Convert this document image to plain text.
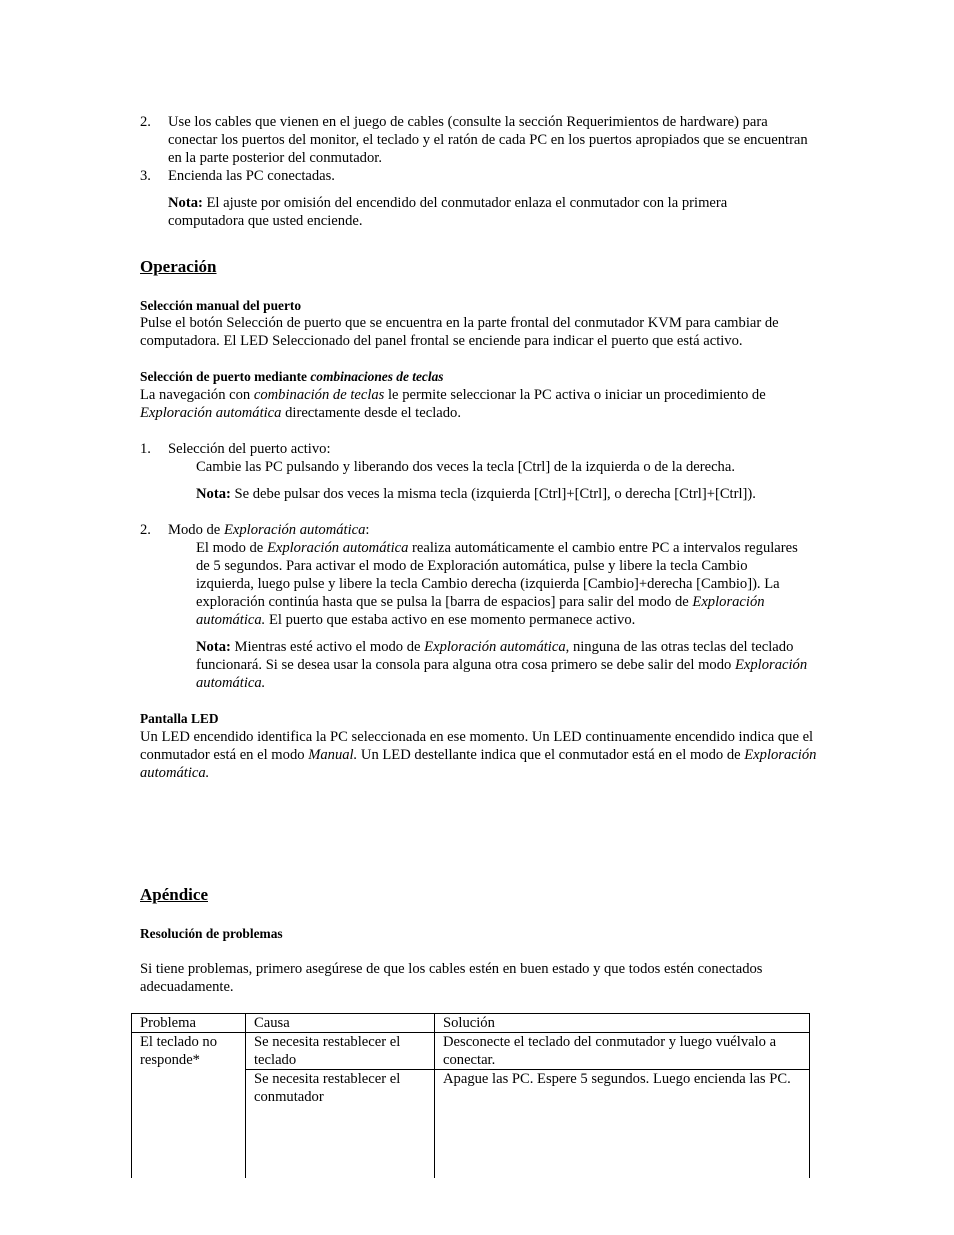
2. Use los cables que vienen en el juego de cables (consulte la sección Requerimientos de hardware) para conectar los puertos del monitor, el teclado y el ratón de cada PC en los puertos apropiados que se encuentran en la parte posterior del conmutador.

3. Encienda las PC conectadas.

Nota: El ajuste por omisión del encendido del conmutador enlaza el conmutador con la primera computadora que usted enciende.

Operación
Selección manual del puerto

Pulse el botón Selección de puerto que se encuentra en la parte frontal del conmutador KVM para cambiar de computadora. El LED Seleccionado del panel frontal se enciende para indicar el puerto que está activo.

Selección de puerto mediante combinaciones de teclas

La navegación con combinación de teclas le permite seleccionar la PC activa o iniciar un procedimiento de Exploración automática directamente desde el teclado.

1. Selección del puerto activo:

Cambie las PC pulsando y liberando dos veces la tecla [Ctrl] de la izquierda o de la derecha.

Nota: Se debe pulsar dos veces la misma tecla (izquierda [Ctrl]+[Ctrl], o derecha [Ctrl]+[Ctrl]).

2. Modo de Exploración automática:

El modo de Exploración automática realiza automáticamente el cambio entre PC a intervalos regulares de 5 segundos. Para activar el modo de Exploración automática, pulse y libere la tecla Cambio izquierda, luego pulse y libere la tecla Cambio derecha (izquierda [Cambio]+derecha [Cambio]). La exploración continúa hasta que se pulsa la [barra de espacios] para salir del modo de Exploración automática. El puerto que estaba activo en ese momento permanece activo.

Nota: Mientras esté activo el modo de Exploración automática, ninguna de las otras teclas del teclado funcionará. Si se desea usar la consola para alguna otra cosa primero se debe salir del modo Exploración automática.

Pantalla LED

Un LED encendido identifica la PC seleccionada en ese momento. Un LED continuamente encendido indica que el conmutador está en el modo Manual. Un LED destellante indica que el conmutador está en el modo de Exploración automática.

Apéndice
Resolución de problemas

Si tiene problemas, primero asegúrese de que los cables estén en buen estado y que todos estén conectados adecuadamente.

Problema	Causa	Solución
El teclado no responde*	Se necesita restablecer el teclado	Desconecte el teclado del conmutador y luego vuélvalo a conectar.
	Se necesita restablecer el conmutador	Apague las PC. Espere 5 segundos. Luego encienda las PC.
